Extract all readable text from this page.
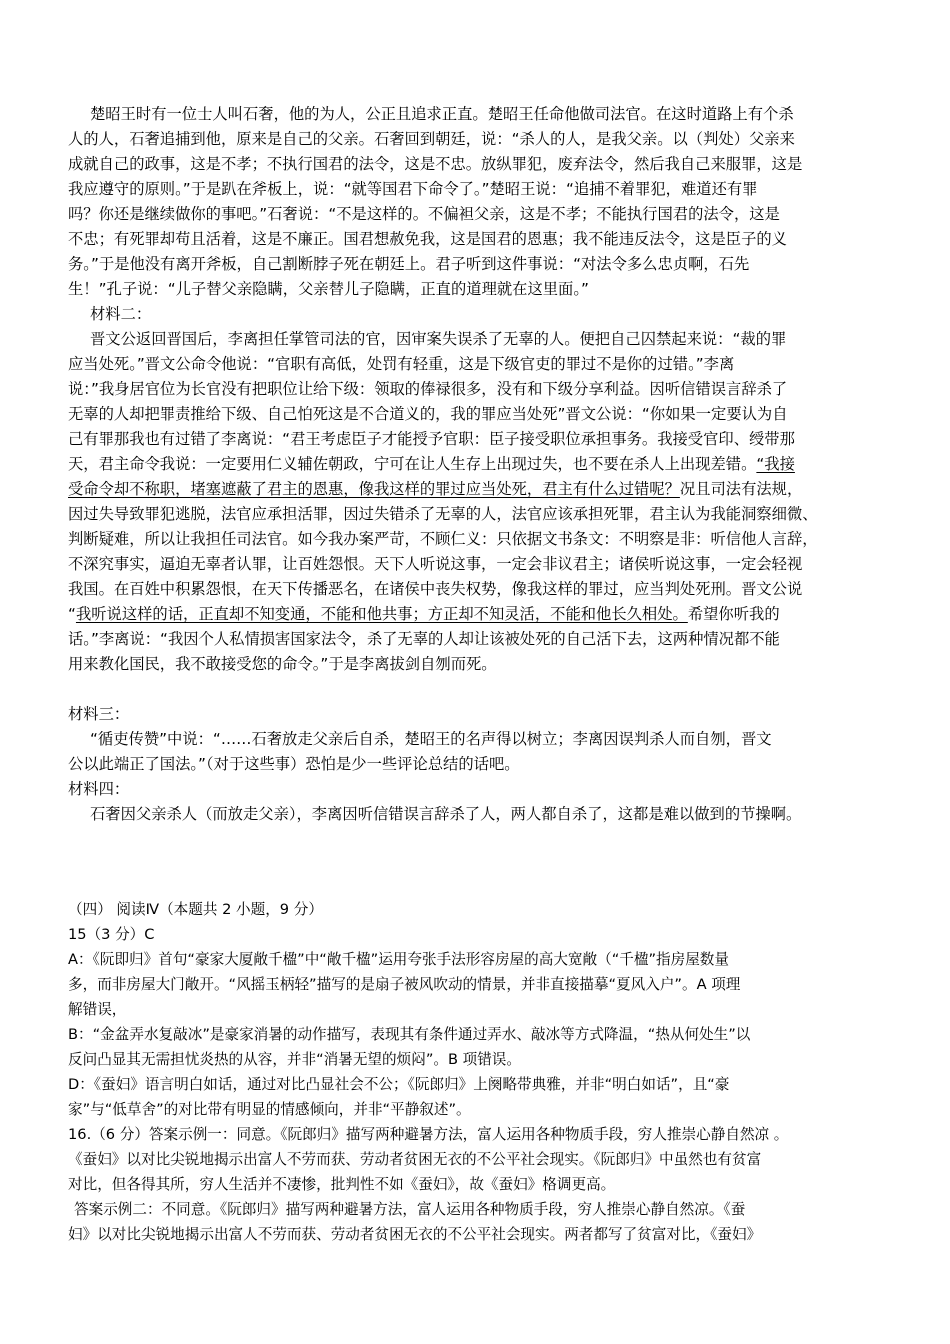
楚昭王时有一位士人叫石奢，他的为人，公正且追求正直。楚昭王任命他做司法官。在这时道路上有个杀
人的人，石奢追捕到他，原来是自己的父亲。石奢回到朝廷，说：“杀人的人，是我父亲。以（判处）父亲来
成就自己的政事，这是不孝；不执行国君的法令，这是不忠。放纵罪犯，废弃法令，然后我自己来服罪，这是
我应遵守的原则。”于是趴在斧板上，说：“就等国君下命令了。”楚昭王说：“追捕不着罪犯，难道还有罪
吗？你还是继续做你的事吧。”石奢说：“不是这样的。不偏袒父亲，这是不孝；不能执行国君的法令，这是
不忠；有死罪却苟且活着，这是不廉正。国君想赦免我，这是国君的恩惠；我不能违反法令，这是臣子的义
务。”于是他没有离开斧板，自己割断脖子死在朝廷上。君子听到这件事说：“对法令多么忠贞啊，石先
生！”孔子说：“儿子替父亲隐瞒，父亲替儿子隐瞒，正直的道理就在这里面。”
材料二：
晋文公返回晋国后，李离担任掌管司法的官，因审案失误杀了无辜的人。便把自己囚禁起来说：“裁的罪
应当处死。”晋文公命令他说：“官职有高低，处罚有轻重，这是下级官吏的罪过不是你的过错。”李离
说：”我身居官位为长官没有把职位让给下级：领取的俸禄很多，没有和下级分享利益。因听信错误言辞杀了
无辜的人却把罪责推给下级、自己怕死这是不合道义的，我的罪应当处死”晋文公说：“你如果一定要认为自
己有罪那我也有过错了李离说：“君王考虑臣子才能授予官职：臣子接受职位承担事务。我接受官印、绶带那
天，君主命令我说：一定要用仁义辅佐朝政，宁可在让人生存上出现过失，也不要在杀人上出现差错。“我接
受命令却不称职，堵塞遮蔽了君主的恩惠，像我这样的罪过应当处死，君主有什么过错呢？况且司法有法规，
因过失导致罪犯逃脱，法官应承担活罪，因过失错杀了无辜的人，法官应该承担死罪，君主认为我能洞察细微、
判断疑难，所以让我担任司法官。如今我办案严苛，不顾仁义：只依据文书条文：不明察是非：听信他人言辞，
不深究事实，逼迫无辜者认罪，让百姓怨恨。天下人听说这事，一定会非议君主；诸侯听说这事，一定会轻视
我国。在百姓中积累怨恨，在天下传播恶名，在诸侯中丧失权势，像我这样的罪过，应当判处死刑。晋文公说
“我听说这样的话，正直却不知变通，不能和他共事；方正却不知灵活，不能和他长久相处。希望你听我的
话。”李离说：“我因个人私情损害国家法令，杀了无辜的人却让该被处死的自己活下去，这两种情况都不能
用来教化国民，我不敢接受您的命令。”于是李离拔剑自刎而死。
材料三：
“循吏传赞”中说：“……石奢放走父亲后自杀，楚昭王的名声得以树立；李离因误判杀人而自刎，晋文
公以此端正了国法。”（对于这些事）恐怕是少一些评论总结的话吧。
材料四：
石奢因父亲杀人（而放走父亲），李离因听信错误言辞杀了人，两人都自杀了，这都是难以做到的节操啊。
（四） 阅读Ⅳ（本题共 2 小题，9 分）
15（3 分）C
A：《阮即归》首句“豪家大厦敞千楹”中“敞千楹”运用夸张手法形容房屋的高大宽敞（“千楹”指房屋数量
多，而非房屋大门敞开。“风摇玉柄轻”描写的是扇子被风吹动的情景，并非直接描摹“夏风入户”。A 项理
解错误，
B：“金盆弄水复敲冰”是豪家消暑的动作描写，表现其有条件通过弄水、敲冰等方式降温，“热从何处生”以
反问凸显其无需担忧炎热的从容，并非“消暑无望的烦闷”。B 项错误。
D：《蚕妇》语言明白如话，通过对比凸显社会不公；《阮郎归》上阕略带典雅，并非“明白如话”，且“豪
家”与“低草舍”的对比带有明显的情感倾向，并非“平静叙述”。
16.（6 分）答案示例一：同意。《阮郎归》描写两种避暑方法，富人运用各种物质手段，穷人推崇心静自然凉 。
《蚕妇》以对比尖锐地揭示出富人不劳而获、劳动者贫困无衣的不公平社会现实。《阮郎归》中虽然也有贫富
对比，但各得其所，穷人生活并不凄惨，批判性不如《蚕妇》，故《蚕妇》格调更高。
答案示例二：不同意。《阮郎归》描写两种避暑方法，富人运用各种物质手段，穷人推崇心静自然凉。《蚕
妇》以对比尖锐地揭示出富人不劳而获、劳动者贫困无衣的不公平社会现实。两者都写了贫富对比，《蚕妇》
